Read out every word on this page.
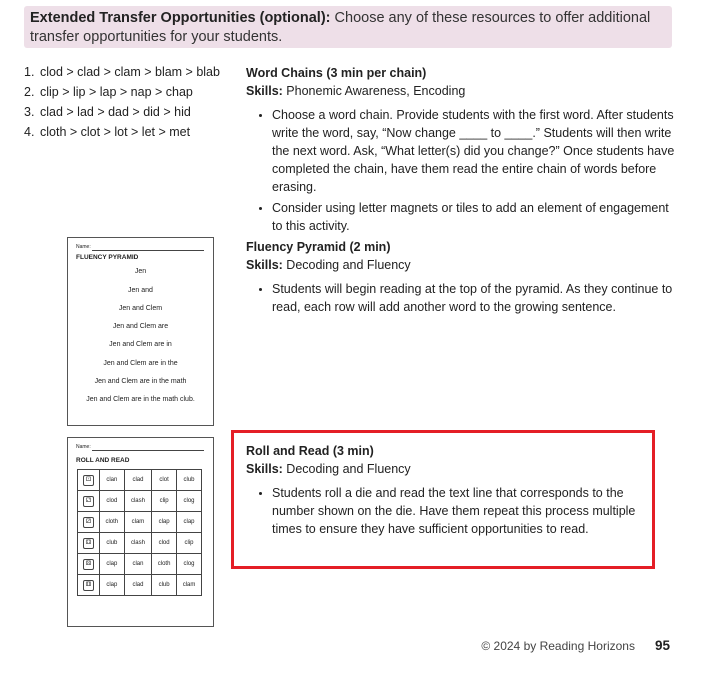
Extended Transfer Opportunities (optional): Choose any of these resources to offer additional transfer opportunities for your students.
1. clod > clad > clam > blam > blab
2. clip > lip > lap > nap > chap
3. clad > lad > dad > did > hid
4. cloth > clot > lot > let > met
Word Chains (3 min per chain)
Skills: Phonemic Awareness, Encoding
• Choose a word chain. Provide students with the first word. After students write the word, say, “Now change ____ to ____.” Students will then write the next word. Ask, “What letter(s) did you change?” Once students have completed the chain, have them read the entire chain of words before erasing.
• Consider using letter magnets or tiles to add an element of engagement to this activity.
Fluency Pyramid (2 min)
Skills: Decoding and Fluency
• Students will begin reading at the top of the pyramid. As they continue to read, each row will add another word to the growing sentence.
Roll and Read (3 min)
Skills: Decoding and Fluency
• Students roll a die and read the text line that corresponds to the number shown on the die. Have them repeat this process multiple times to ensure they have sufficient opportunities to read.
Name:
FLUENCY PYRAMID
Jen
Jen and
Jen and Clem
Jen and Clem are
Jen and Clem are in
Jen and Clem are in the
Jen and Clem are in the math
Jen and Clem are in the math club.
Name:
ROLL AND READ
⚀	clan	clad	clot	club
⚁	clod	clash	clip	clog
⚂	cloth	clam	clap	clap
⚃	club	clash	clod	clip
⚄	clap	clan	cloth	clog
⚅	clap	clad	club	clam
© 2024 by Reading Horizons 95
